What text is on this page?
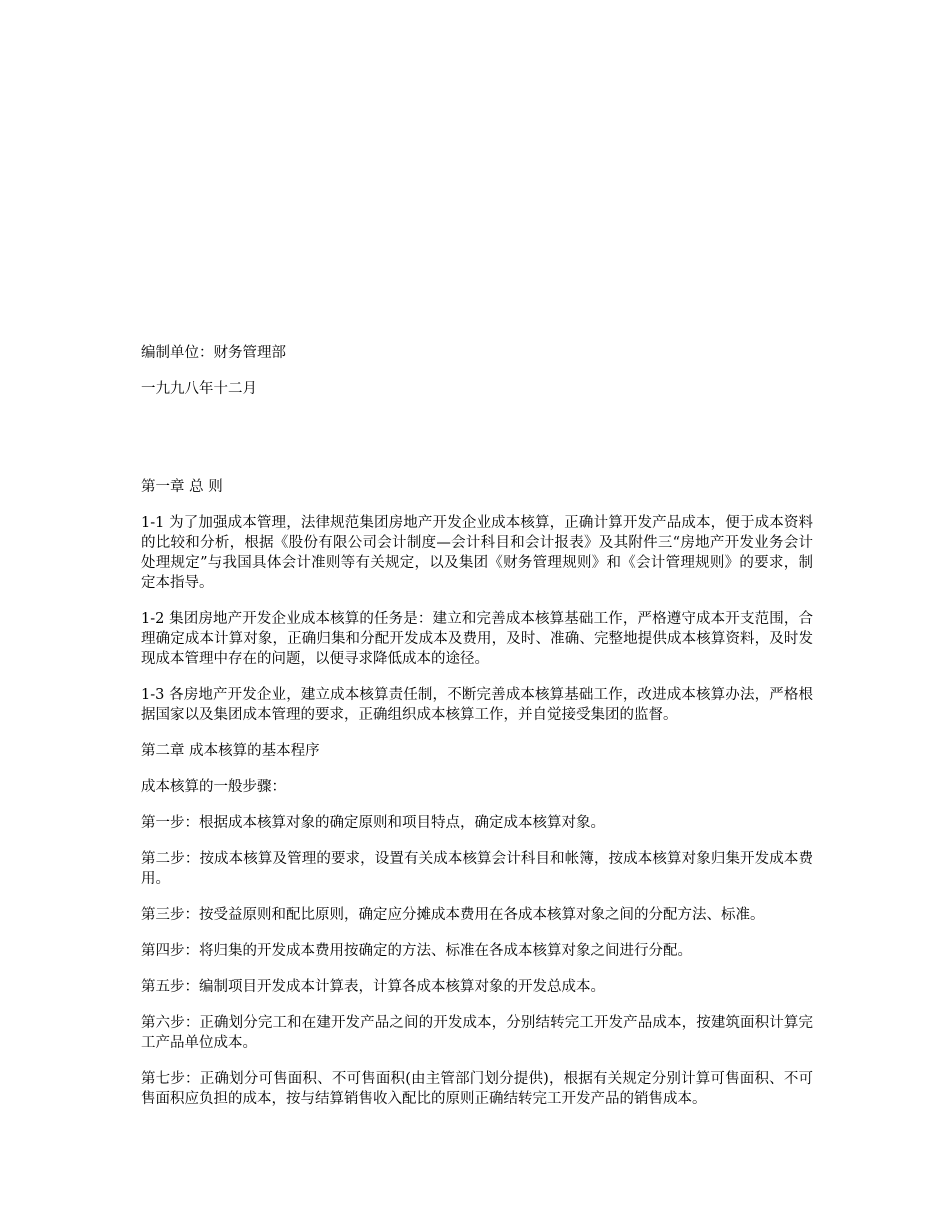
编制单位：财务管理部

一九九八年十二月

第一章 总 则

1-1 为了加强成本管理，法律规范集团房地产开发企业成本核算，正确计算开发产品成本，便于成本资料的比较和分析，根据《股份有限公司会计制度—会计科目和会计报表》及其附件三“房地产开发业务会计处理规定”与我国具体会计准则等有关规定，以及集团《财务管理规则》和《会计管理规则》的要求，制定本指导。

1-2 集团房地产开发企业成本核算的任务是：建立和完善成本核算基础工作，严格遵守成本开支范围，合理确定成本计算对象，正确归集和分配开发成本及费用，及时、准确、完整地提供成本核算资料，及时发现成本管理中存在的问题，以便寻求降低成本的途径。

1-3 各房地产开发企业，建立成本核算责任制，不断完善成本核算基础工作，改进成本核算办法，严格根据国家以及集团成本管理的要求，正确组织成本核算工作，并自觉接受集团的监督。

第二章 成本核算的基本程序

成本核算的一般步骤：

第一步：根据成本核算对象的确定原则和项目特点，确定成本核算对象。

第二步：按成本核算及管理的要求，设置有关成本核算会计科目和帐簿，按成本核算对象归集开发成本费用。

第三步：按受益原则和配比原则，确定应分摊成本费用在各成本核算对象之间的分配方法、标准。

第四步：将归集的开发成本费用按确定的方法、标准在各成本核算对象之间进行分配。

第五步：编制项目开发成本计算表，计算各成本核算对象的开发总成本。

第六步：正确划分完工和在建开发产品之间的开发成本，分别结转完工开发产品成本，按建筑面积计算完工产品单位成本。

第七步：正确划分可售面积、不可售面积(由主管部门划分提供)，根据有关规定分别计算可售面积、不可售面积应负担的成本，按与结算销售收入配比的原则正确结转完工开发产品的销售成本。
